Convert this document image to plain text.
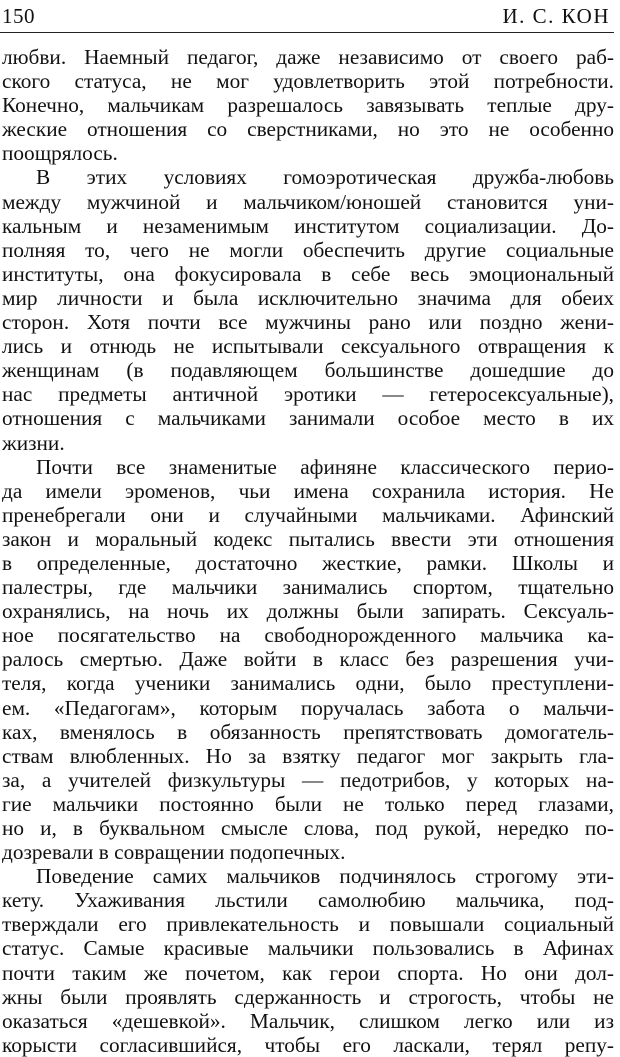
150	И. С. КОН
любви. Наемный педагог, даже независимо от своего раб-
ского статуса, не мог удовлетворить этой потребности.
Конечно, мальчикам разрешалось завязывать теплые дру-
жеские отношения со сверстниками, но это не особенно
поощрялось.
В этих условиях гомоэротическая дружба-любовь
между мужчиной и мальчиком/юношей становится уни-
кальным и незаменимым институтом социализации. До-
полняя то, чего не могли обеспечить другие социальные
институты, она фокусировала в себе весь эмоциональный
мир личности и была исключительно значима для обеих
сторон. Хотя почти все мужчины рано или поздно жени-
лись и отнюдь не испытывали сексуального отвращения к
женщинам (в подавляющем большинстве дошедшие до
нас предметы античной эротики — гетеросексуальные),
отношения с мальчиками занимали особое место в их
жизни.
Почти все знаменитые афиняне классического перио-
да имели эроменов, чьи имена сохранила история. Не
пренебрегали они и случайными мальчиками. Афинский
закон и моральный кодекс пытались ввести эти отношения
в определенные, достаточно жесткие, рамки. Школы и
палестры, где мальчики занимались спортом, тщательно
охранялись, на ночь их должны были запирать. Сексуаль-
ное посягательство на свободнорожденного мальчика ка-
ралось смертью. Даже войти в класс без разрешения учи-
теля, когда ученики занимались одни, было преступлени-
ем. «Педагогам», которым поручалась забота о мальчи-
ках, вменялось в обязанность препятствовать домогатель-
ствам влюбленных. Но за взятку педагог мог закрыть гла-
за, а учителей физкультуры — педотрибов, у которых на-
гие мальчики постоянно были не только перед глазами,
но и, в буквальном смысле слова, под рукой, нередко по-
дозревали в совращении подопечных.
Поведение самих мальчиков подчинялось строгому эти-
кету. Ухаживания льстили самолюбию мальчика, под-
тверждали его привлекательность и повышали социальный
статус. Самые красивые мальчики пользовались в Афинах
почти таким же почетом, как герои спорта. Но они дол-
жны были проявлять сдержанность и строгость, чтобы не
оказаться «дешевкой». Мальчик, слишком легко или из
корысти согласившийся, чтобы его ласкали, терял репу-
